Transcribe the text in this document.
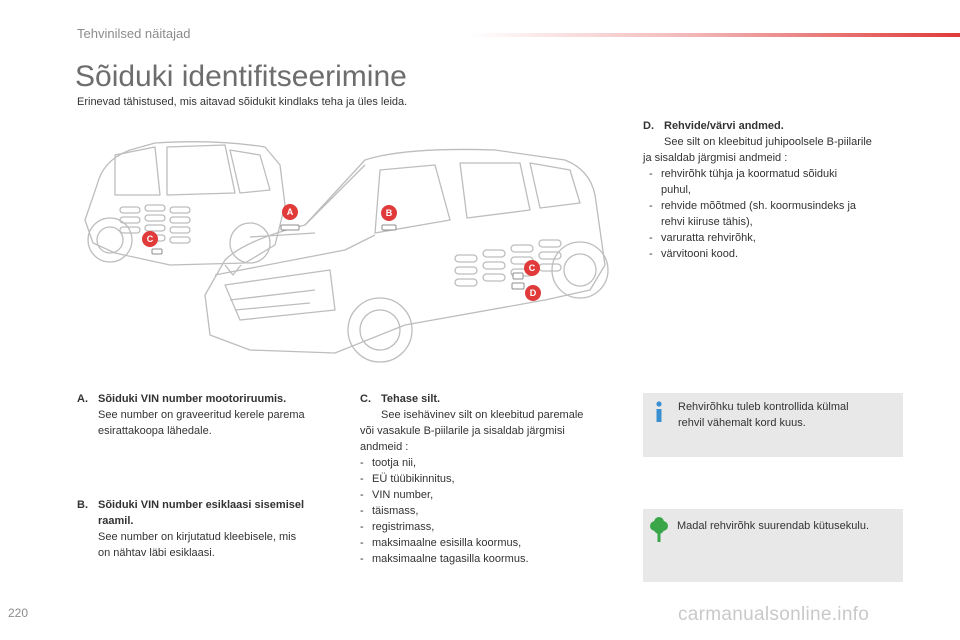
Tehvinilsed näitajad
Sõiduki identifitseerimine
Erinevad tähistused, mis aitavad sõidukit kindlaks teha ja üles leida.
A	B
C
C
D
D. Rehvide/värvi andmed.
See silt on kleebitud juhipoolsele B-piilarile
ja sisaldab järgmisi andmeid :
- rehvirõhk tühja ja koormatud sõiduki
puhul,
- rehvide mõõtmed (sh. koormusindeks ja
rehvi kiiruse tähis),
- varuratta rehvirõhk,
- värvitooni kood.
A. Sõiduki VIN number mootoriruumis.
See number on graveeritud kerele parema
esirattakoopa lähedale.
B. Sõiduki VIN number esiklaasi sisemisel
raamil.
See number on kirjutatud kleebisele, mis
on nähtav läbi esiklaasi.
C. Tehase silt.
See isehävinev silt on kleebitud paremale
või vasakule B-piilarile ja sisaldab järgmisi
andmeid :
- tootja nii,
- EÜ tüübikinnitus,
- VIN number,
- täismass,
- registrimass,
- maksimaalne esisilla koormus,
- maksimaalne tagasilla koormus.
Rehvirõhku tuleb kontrollida külmal
rehvil vähemalt kord kuus.
Madal rehvirõhk suurendab kütusekulu.
220	carmanualsonline.info
